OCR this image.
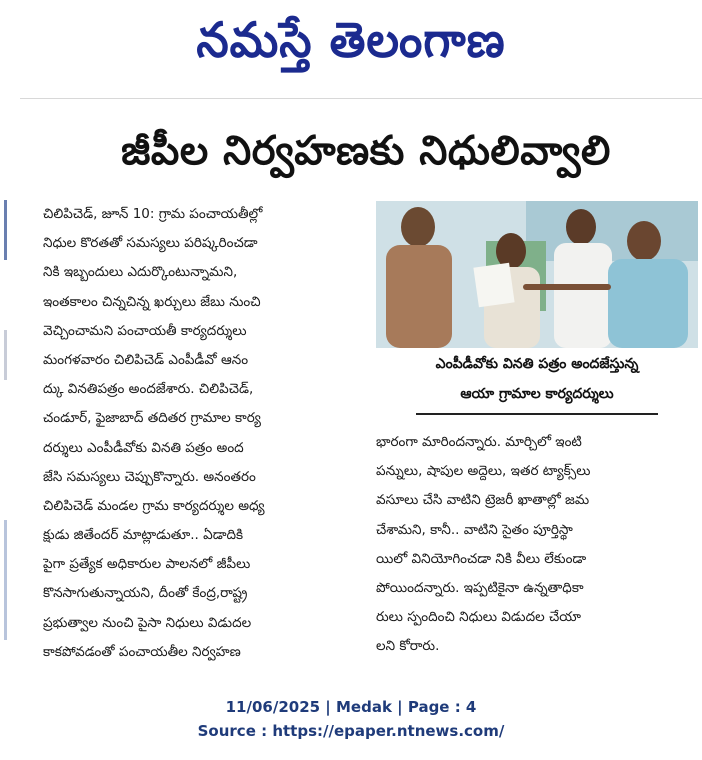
నమస్తే తెలంగాణ
జీపీల నిర్వహణకు నిధులివ్వాలి
చిలిపిచెడ్, జూన్ 10: గ్రామ పంచాయతీల్లో
నిధుల కొరతతో సమస్యలు పరిష్కరించడా
నికి ఇబ్బందులు ఎదుర్కొంటున్నామని,
ఇంతకాలం చిన్నచిన్న ఖర్చులు జేబు నుంచి
వెచ్చించామని పంచాయతీ కార్యదర్శులు
మంగళవారం చిలిపిచెడ్ ఎంపీడీవో ఆనం
ద్కు వినతిపత్రం అందజేశారు. చిలిపిచెడ్,
చండూర్, ఫైజాబాద్ తదితర గ్రామాల కార్య
దర్శులు ఎంపీడీవోకు వినతి పత్రం అంద
జేసి సమస్యలు చెప్పుకొన్నారు. అనంతరం
చిలిపిచెడ్ మండల గ్రామ కార్యదర్శుల అధ్య
క్షుడు జితేందర్ మాట్లాడుతూ.. ఏడాదికి
పైగా ప్రత్యేక అధికారుల పాలనలో జీపీలు
కొనసాగుతున్నాయని, దీంతో కేంద్ర,రాష్ట్ర
ప్రభుత్వాల నుంచి పైసా నిధులు విడుదల
కాకపోవడంతో పంచాయతీల నిర్వహణ
ఎంపీడీవోకు వినతి పత్రం అందజేస్తున్న
ఆయా గ్రామాల కార్యదర్శులు
భారంగా మారిందన్నారు. మార్చిలో ఇంటి
పన్నులు, షాపుల అద్దెలు, ఇతర ట్యాక్స్‌లు
వసూలు చేసి వాటిని ట్రెజరీ ఖాతాల్లో జమ
చేశామని, కానీ.. వాటిని సైతం పూర్తిస్థా
యిలో వినియోగించడా నికి వీలు లేకుండా
పోయిందన్నారు. ఇప్పటికైనా ఉన్నతాధికా
రులు స్పందించి నిధులు విడుదల చేయా
లని కోరారు.
11/06/2025 | Medak | Page : 4
Source : https://epaper.ntnews.com/
